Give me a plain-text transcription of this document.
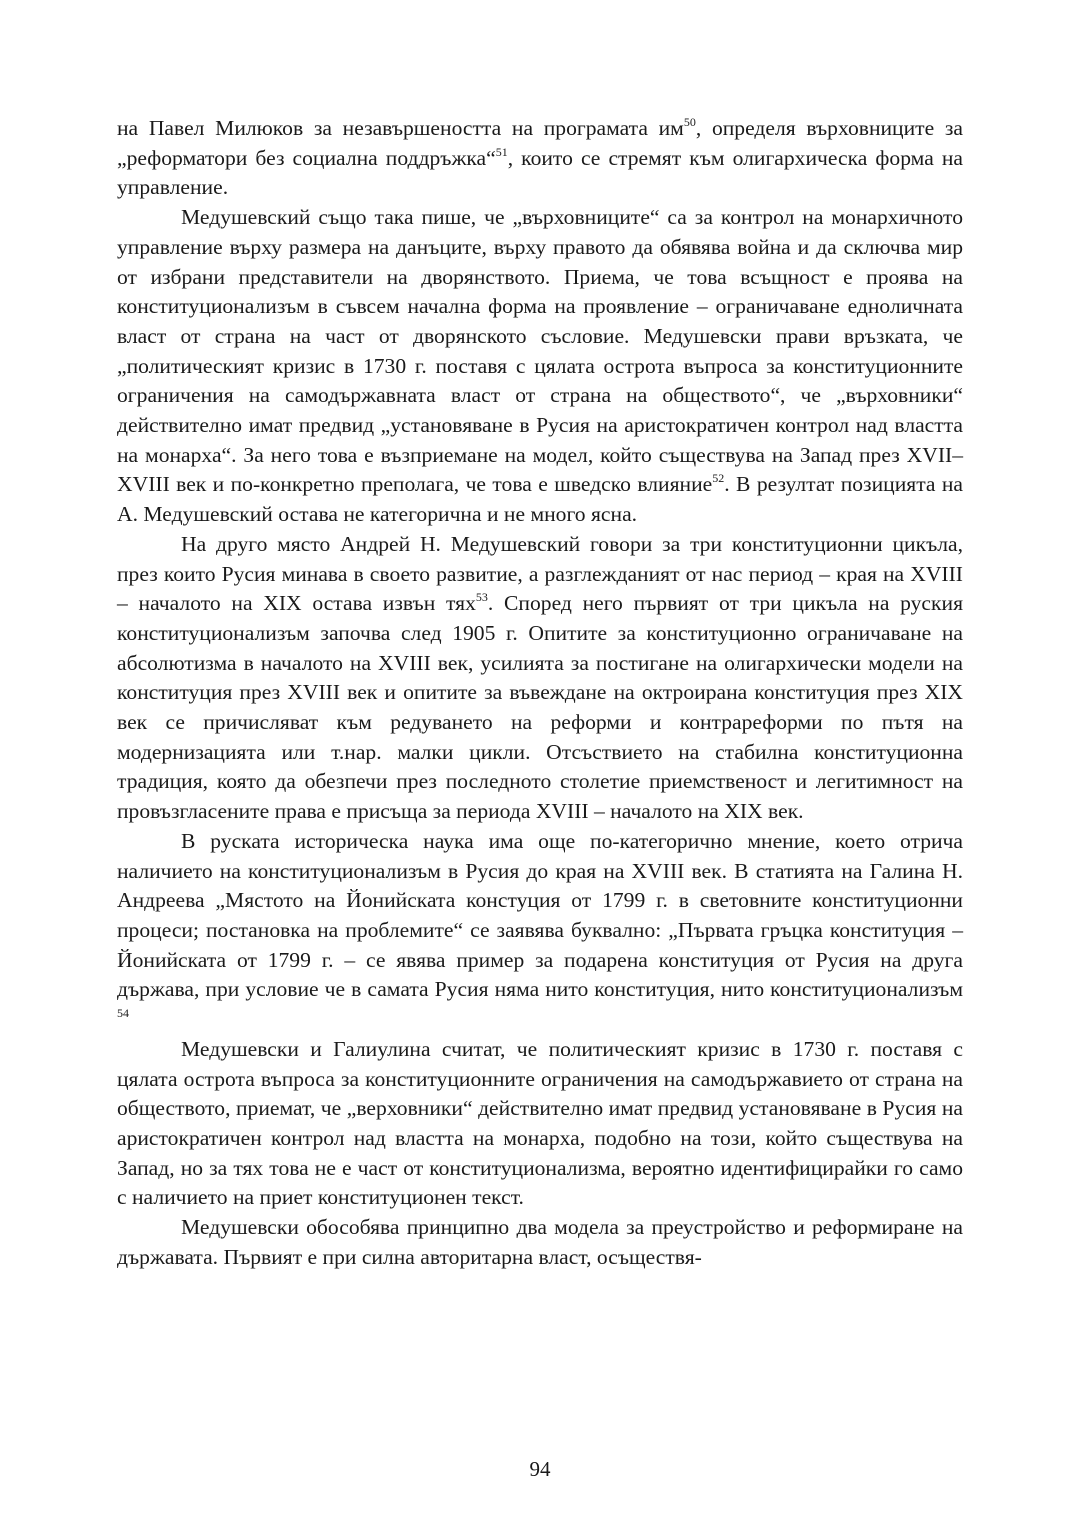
на Павел Милюков за незавършеността на програмата $им^{50}$, определя върховниците за „реформатори без социална поддръжка“$^{51}$, които се стремят към олигархическа форма на управление.

Медушевский също така пише, че „върховниците“ са за контрол на монархичното управление върху размера на данъците, върху правото да обявява война и да сключва мир от избрани представители на дворянството. Приема, че това всъщност е проява на конституционализъм в съвсем начална форма на проявление – ограничаване едноличната власт от страна на част от дворянското съсловие. Медушевски прави връзката, че „политическият кризис в 1730 г. поставя с цялата острота въпроса за конституционните ограничения на самодържавната власт от страна на обществото“, че „върховники“ действително имат предвид „установяване в Русия на аристократичен контрол над властта на монарха“. За него това е възприемане на модел, който съществува на Запад през XVII–XVIII век и по-конкретно преполага, че това е шведско влияние$^{52}$. В резултат позицията на А. Медушевский остава не категорична и не много ясна.

На друго място Андрей Н. Медушевский говори за три конституционни цикъла, през които Русия минава в своето развитие, а разглежданият от нас период – края на XVIII – началото на XIX остава извън тях$^{53}$. Според него първият от три цикъла на руския конституционализъм започва след 1905 г. Опитите за конституционно ограничаване на абсолютизма в началото на XVIII век, усилията за постигане на олигархически модели на конституция през XVIII век и опитите за въвеждане на октроирана конституция през XIX век се причисляват към редуването на реформи и контрареформи по пътя на модернизацията или т.нар. малки цикли. Отсъствието на стабилна конституционна традиция, която да обезпечи през последното столетие приемственост и легитимност на провъзгласените права е присъща за периода XVIII – началото на XIX век.

В руската историческа наука има още по-категорично мнение, което отрича наличието на конституционализъм в Русия до края на XVIII век. В статията на Галина Н. Андреева „Мястото на Йонийската констуция от 1799 г. в световните конституционни процеси; постановка на проблемите“ се заявява буквално: „Първата гръцка конституция – Йонийската от 1799 г. – се явява пример за подарена конституция от Русия на друга държава, при условие че в самата Русия няма нито конституция, нито конституционализъм $^{54}$

Медушевски и Галиулина считат, че политическият кризис в 1730 г. поставя с цялата острота въпроса за конституционните ограничения на самодържавието от страна на обществото, приемат, че „верховники“ действително имат предвид установяване в Русия на аристократичен контрол над властта на монарха, подобно на този, който съществува на Запад, но за тях това не е част от конституционализма, вероятно идентифицирайки го само с наличието на приет конституционен текст.

Медушевски обособява принципно два модела за преустройство и реформиране на държавата. Първият е при силна авторитарна власт, осъществя-

94
